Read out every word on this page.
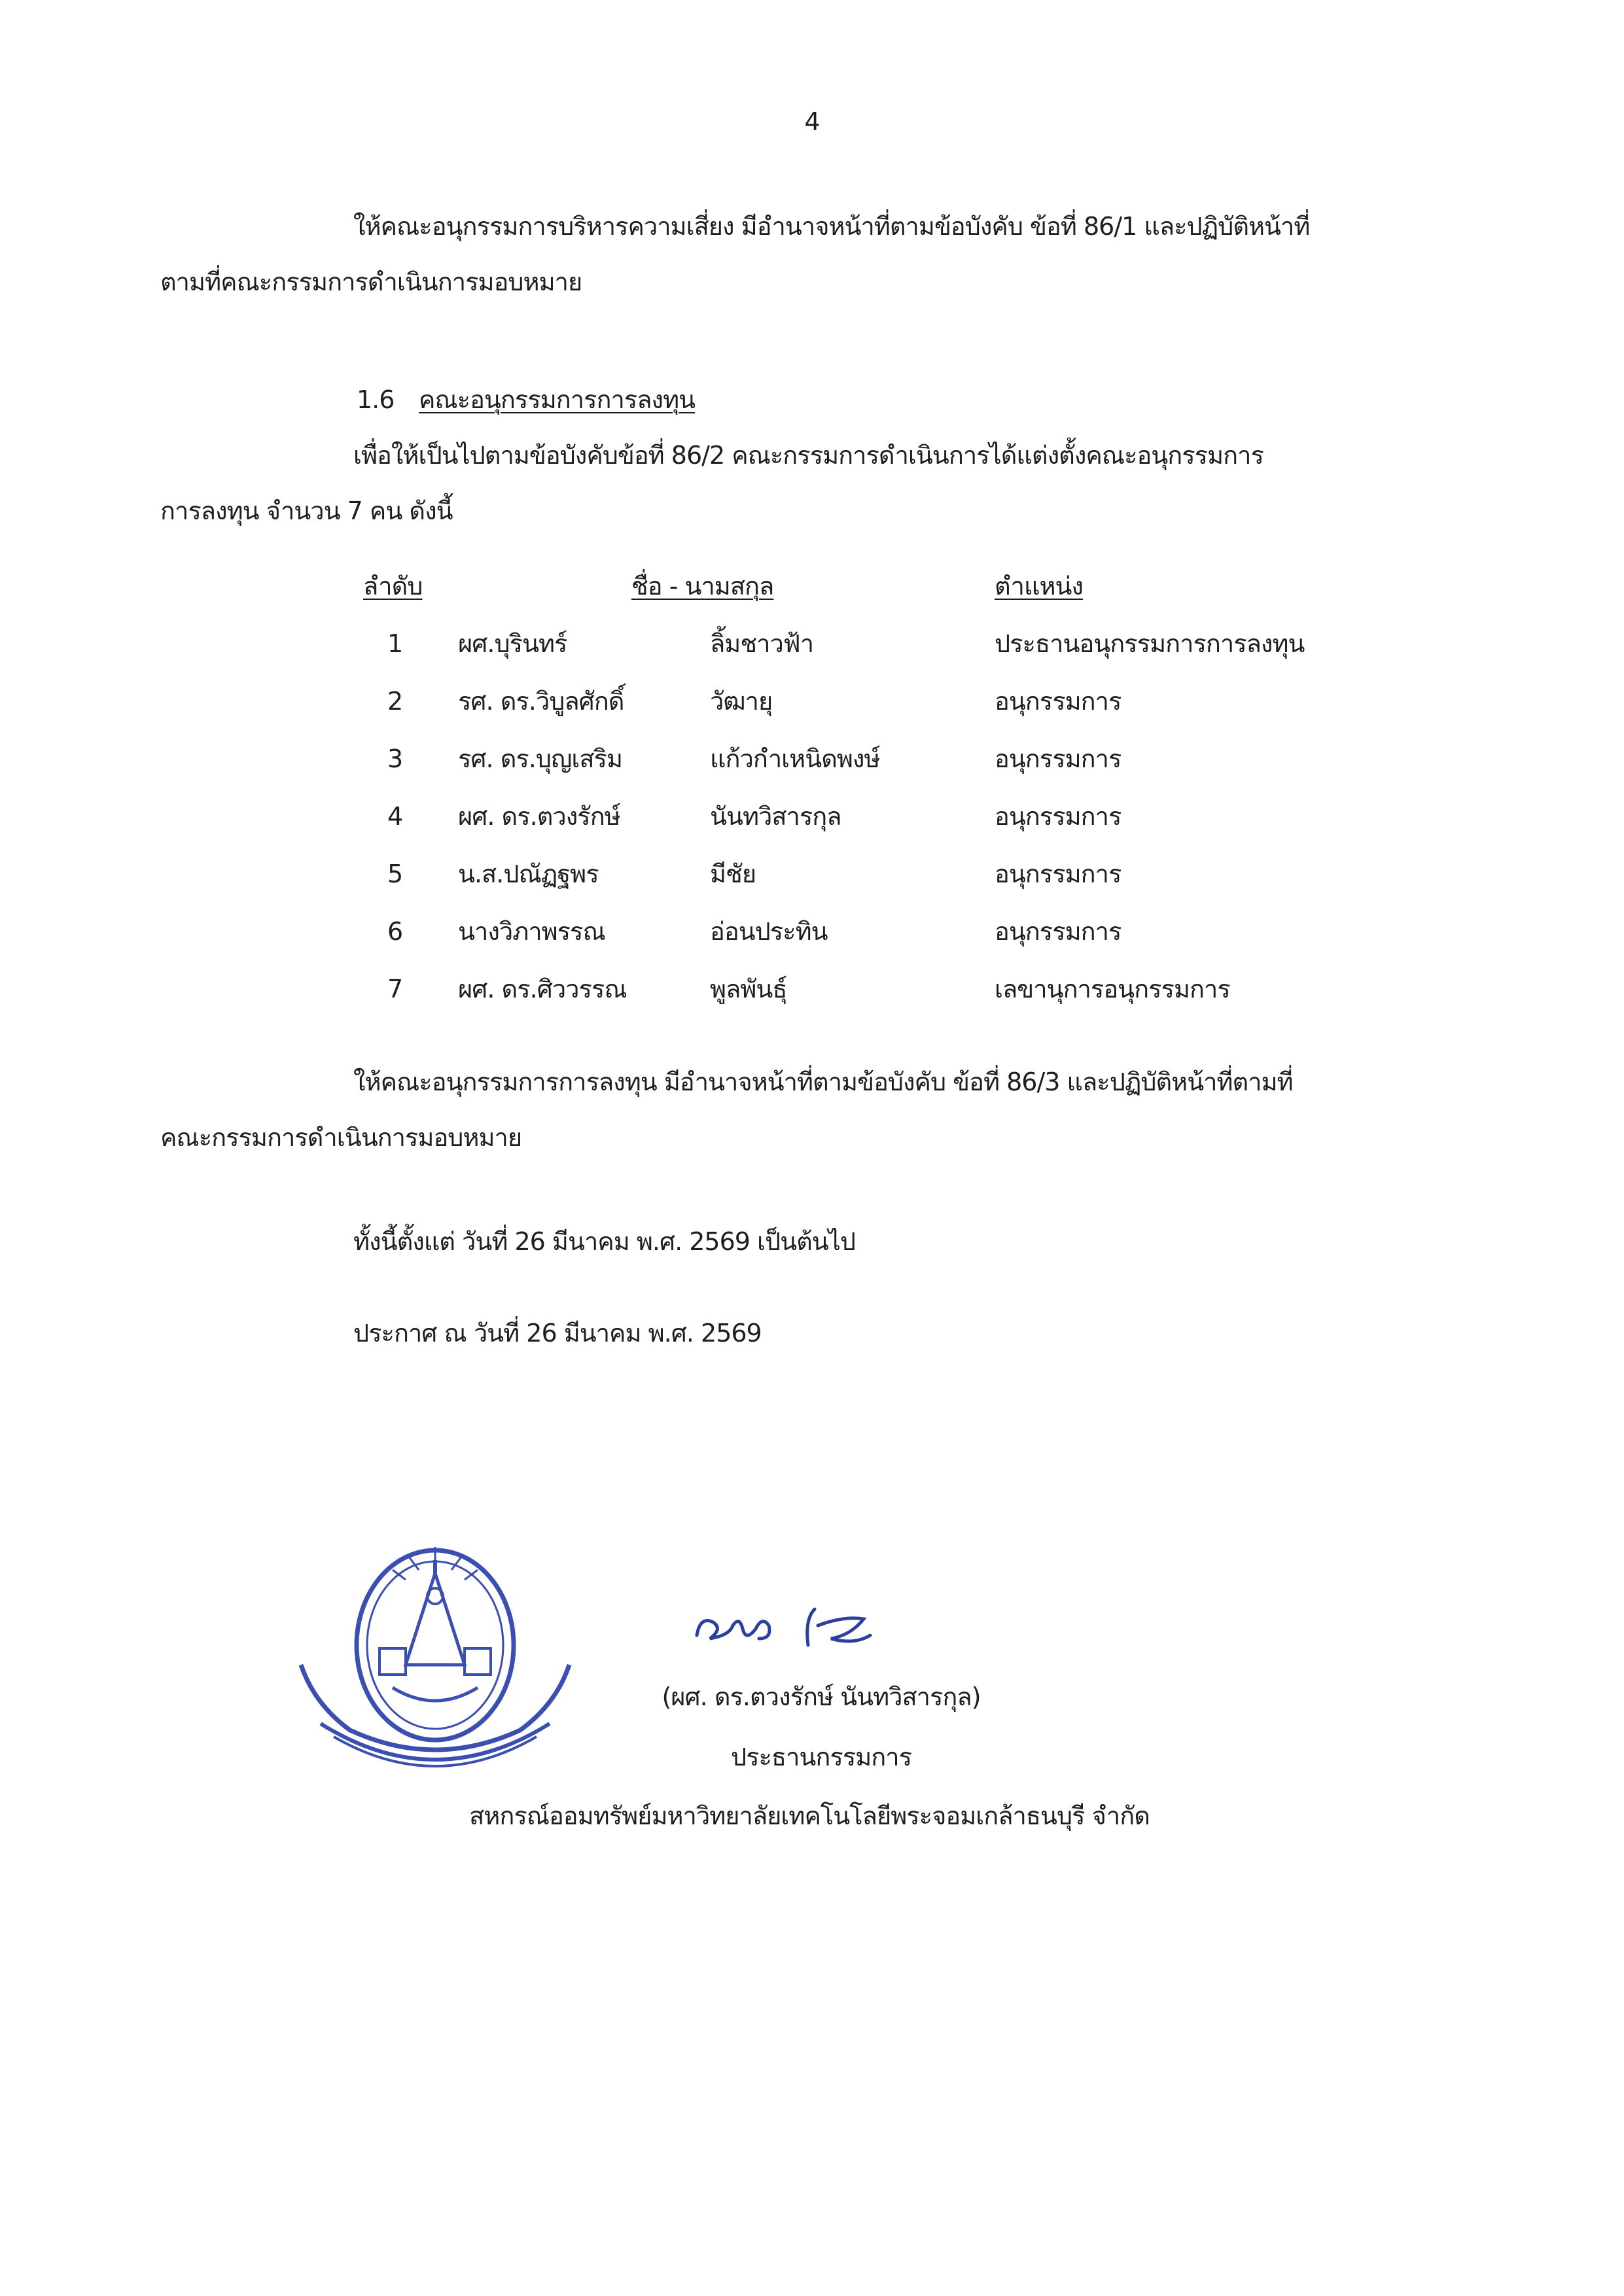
4
ให้คณะอนุกรรมการบริหารความเสี่ยง มีอำนาจหน้าที่ตามข้อบังคับ ข้อที่ 86/1 และปฏิบัติหน้าที่
ตามที่คณะกรรมการดำเนินการมอบหมาย
1.6 คณะอนุกรรมการการลงทุน
เพื่อให้เป็นไปตามข้อบังคับข้อที่ 86/2 คณะกรรมการดำเนินการได้แต่งตั้งคณะอนุกรรมการ
การลงทุน จำนวน 7 คน ดังนี้
ลำดับ	ชื่อ - นามสกุล	ตำแหน่ง
1 ผศ.บุรินทร์	ลิ้มชาวฟ้า	ประธานอนุกรรมการการลงทุน
2 รศ. ดร.วิบูลศักดิ์	วัฒายุ	อนุกรรมการ
3 รศ. ดร.บุญเสริม	แก้วกำเหนิดพงษ์	อนุกรรมการ
4 ผศ. ดร.ตวงรักษ์	นันทวิสารกุล	อนุกรรมการ
5 น.ส.ปณัฏฐพร	มีชัย	อนุกรรมการ
6 นางวิภาพรรณ	อ่อนประทิน	อนุกรรมการ
7 ผศ. ดร.ศิววรรณ	พูลพันธุ์	เลขานุการอนุกรรมการ
ให้คณะอนุกรรมการการลงทุน มีอำนาจหน้าที่ตามข้อบังคับ ข้อที่ 86/3 และปฏิบัติหน้าที่ตามที่
คณะกรรมการดำเนินการมอบหมาย
ทั้งนี้ตั้งแต่ วันที่ 26 มีนาคม พ.ศ. 2569 เป็นต้นไป
ประกาศ ณ วันที่ 26 มีนาคม พ.ศ. 2569
(ผศ. ดร.ตวงรักษ์ นันทวิสารกุล)
ประธานกรรมการ
สหกรณ์ออมทรัพย์มหาวิทยาลัยเทคโนโลยีพระจอมเกล้าธนบุรี จำกัด
